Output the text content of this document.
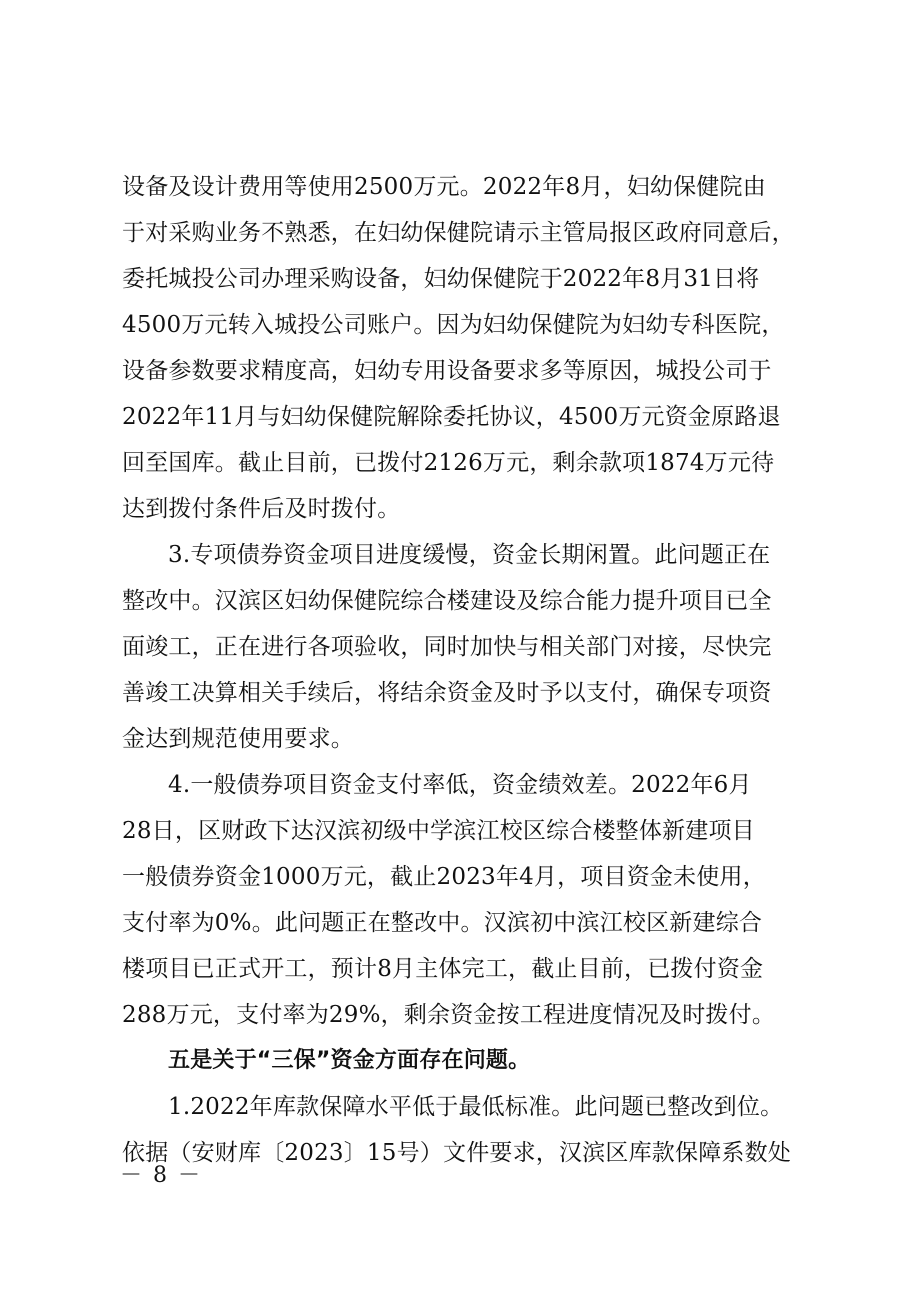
设备及设计费用等使用2500万元。2022年8月，妇幼保健院由
于对采购业务不熟悉，在妇幼保健院请示主管局报区政府同意后，
委托城投公司办理采购设备，妇幼保健院于2022年8月31日将
4500万元转入城投公司账户。因为妇幼保健院为妇幼专科医院，
设备参数要求精度高，妇幼专用设备要求多等原因，城投公司于
2022年11月与妇幼保健院解除委托协议，4500万元资金原路退
回至国库。截止目前，已拨付2126万元，剩余款项1874万元待
达到拨付条件后及时拨付。
3.专项债券资金项目进度缓慢，资金长期闲置。此问题正在
整改中。汉滨区妇幼保健院综合楼建设及综合能力提升项目已全
面竣工，正在进行各项验收，同时加快与相关部门对接，尽快完
善竣工决算相关手续后，将结余资金及时予以支付，确保专项资
金达到规范使用要求。
4.一般债券项目资金支付率低，资金绩效差。2022年6月
28日，区财政下达汉滨初级中学滨江校区综合楼整体新建项目
一般债券资金1000万元，截止2023年4月，项目资金未使用，
支付率为0%。此问题正在整改中。汉滨初中滨江校区新建综合
楼项目已正式开工，预计8月主体完工，截止目前，已拨付资金
288万元，支付率为29%，剩余资金按工程进度情况及时拨付。
五是关于“三保”资金方面存在问题。
1.2022年库款保障水平低于最低标准。此问题已整改到位。
依据（安财库〔2023〕15号）文件要求，汉滨区库款保障系数处
－ 8 －
